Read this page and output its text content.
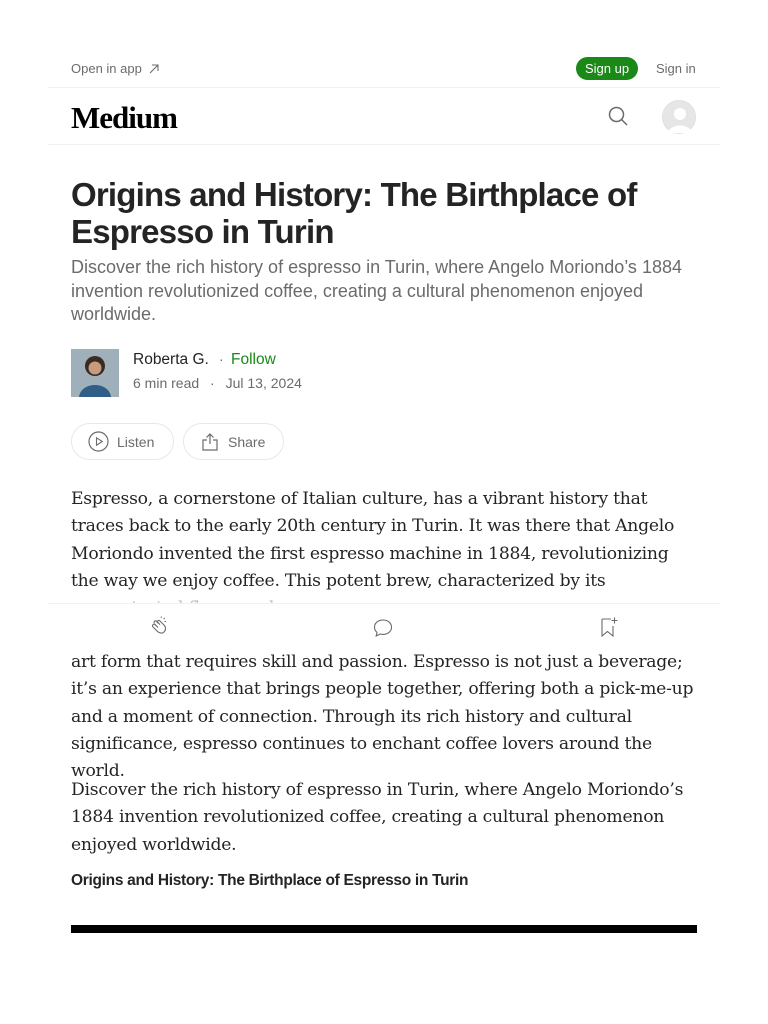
Open in app	Sign up	Sign in
Medium
Origins and History: The Birthplace of Espresso in Turin
Discover the rich history of espresso in Turin, where Angelo Moriondo’s 1884 invention revolutionized coffee, creating a cultural phenomenon enjoyed worldwide.
Roberta G. · Follow
6 min read · Jul 13, 2024
Listen	Share

Espresso, a cornerstone of Italian culture, has a vibrant history that traces back to the early 20th century in Turin. It was there that Angelo Moriondo invented the first espresso machine in 1884, revolutionizing the way we enjoy coffee. This potent brew, characterized by its

art form that requires skill and passion. Espresso is not just a beverage; it’s an experience that brings people together, offering both a pick-me-up and a moment of connection. Through its rich history and cultural significance, espresso continues to enchant coffee lovers around the world.

Discover the rich history of espresso in Turin, where Angelo Moriondo’s 1884 invention revolutionized coffee, creating a cultural phenomenon enjoyed worldwide.

Origins and History: The Birthplace of Espresso in Turin
